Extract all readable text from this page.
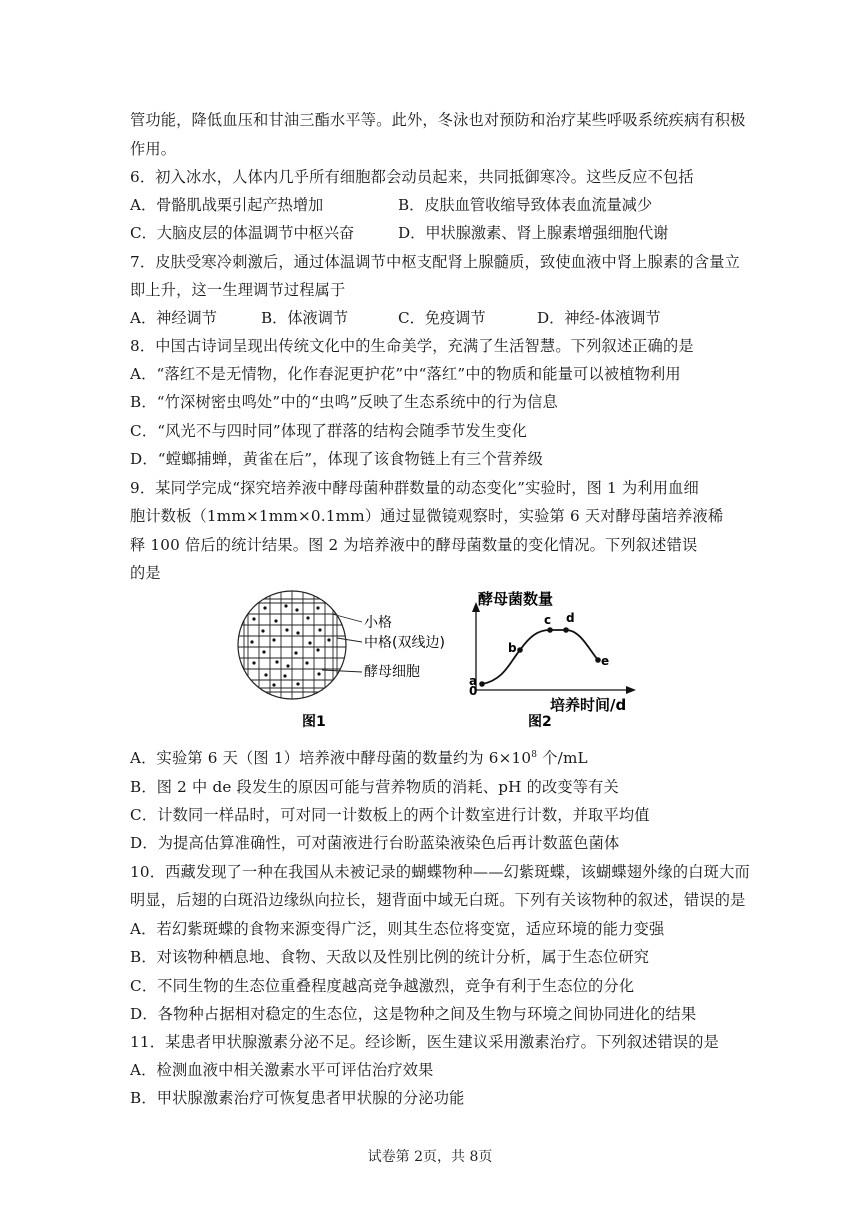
管功能，降低血压和甘油三酯水平等。此外，冬泳也对预防和治疗某些呼吸系统疾病有积极
作用。
6．初入冰水，人体内几乎所有细胞都会动员起来，共同抵御寒冷。这些反应不包括
A．骨骼肌战栗引起产热增加	B．皮肤血管收缩导致体表血流量减少
C．大脑皮层的体温调节中枢兴奋	D．甲状腺激素、肾上腺素增强细胞代谢
7．皮肤受寒冷刺激后，通过体温调节中枢支配肾上腺髓质，致使血液中肾上腺素的含量立
即上升，这一生理调节过程属于
A．神经调节	B．体液调节	C．免疫调节	D．神经-体液调节
8．中国古诗词呈现出传统文化中的生命美学，充满了生活智慧。下列叙述正确的是
A．“落红不是无情物，化作春泥更护花”中“落红”中的物质和能量可以被植物利用
B．“竹深树密虫鸣处”中的“虫鸣”反映了生态系统中的行为信息
C．“风光不与四时同”体现了群落的结构会随季节发生变化
D．“螳螂捕蝉，黄雀在后”，体现了该食物链上有三个营养级
9．某同学完成“探究培养液中酵母菌种群数量的动态变化”实验时，图 1 为利用血细
胞计数板（1mm×1mm×0.1mm）通过显微镜观察时，实验第 6 天对酵母菌培养液稀
释 100 倍后的统计结果。图 2 为培养液中的酵母菌数量的变化情况。下列叙述错误
的是
小格
中格(双线边)
酵母细胞
图1
a
b
c d
e
0
酵母菌数量
培养时间/d
图2
A．实验第 6 天（图 1）培养液中酵母菌的数量约为 $6\times 10^8$ 个/mL
B．图 2 中 de 段发生的原因可能与营养物质的消耗、pH 的改变等有关
C．计数同一样品时，可对同一计数板上的两个计数室进行计数，并取平均值
D．为提高估算准确性，可对菌液进行台盼蓝染液染色后再计数蓝色菌体
10．西藏发现了一种在我国从未被记录的蝴蝶物种——幻紫斑蝶，该蝴蝶翅外缘的白斑大而
明显，后翅的白斑沿边缘纵向拉长，翅背面中域无白斑。下列有关该物种的叙述，错误的是
A．若幻紫斑蝶的食物来源变得广泛，则其生态位将变宽，适应环境的能力变强
B．对该物种栖息地、食物、天敌以及性别比例的统计分析，属于生态位研究
C．不同生物的生态位重叠程度越高竞争越激烈，竞争有利于生态位的分化
D．各物种占据相对稳定的生态位，这是物种之间及生物与环境之间协同进化的结果
11．某患者甲状腺激素分泌不足。经诊断，医生建议采用激素治疗。下列叙述错误的是
A．检测血液中相关激素水平可评估治疗效果
B．甲状腺激素治疗可恢复患者甲状腺的分泌功能
试卷第 2页，共 8页
